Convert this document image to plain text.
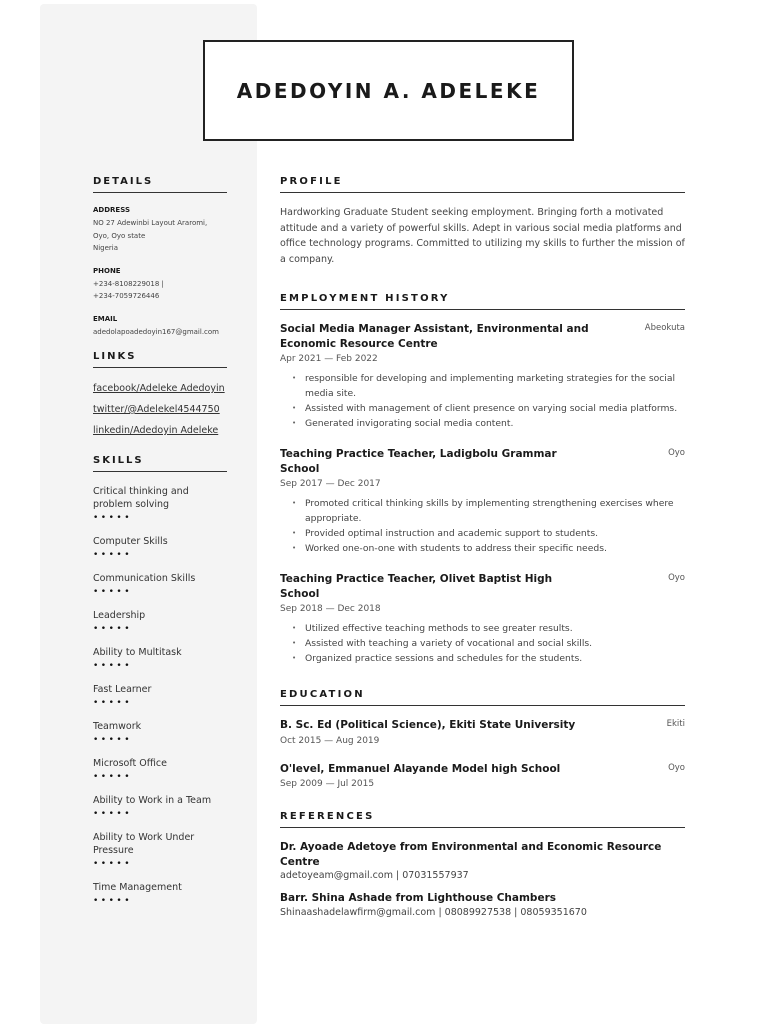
ADEDOYIN A. ADELEKE
DETAILS
ADDRESS
NO 27 Adewinbi Layout Araromi,
Oyo, Oyo state
Nigeria
PHONE
+234-8108229018 |
+234-7059726446
EMAIL
adedolapoadedoyin167@gmail.com
LINKS
facebook/Adeleke Adedoyin
twitter/@Adelekel4544750
linkedin/Adedoyin Adeleke
SKILLS
Critical thinking and problem solving
•••••
Computer Skills
•••••
Communication Skills
•••••
Leadership
•••••
Ability to Multitask
•••••
Fast Learner
•••••
Teamwork
•••••
Microsoft Office
•••••
Ability to Work in a Team
•••••
Ability to Work Under Pressure
•••••
Time Management
•••••
PROFILE

Hardworking Graduate Student seeking employment. Bringing forth a motivated attitude and a variety of powerful skills. Adept in various social media platforms and office technology programs. Committed to utilizing my skills to further the mission of a company.

EMPLOYMENT HISTORY
Social Media Manager Assistant, Environmental and Economic Resource Centre
Abeokuta
Apr 2021 — Feb 2022
• responsible for developing and implementing marketing strategies for the social media site.
• Assisted with management of client presence on varying social media platforms.
• Generated invigorating social media content.
Teaching Practice Teacher, Ladigbolu Grammar School
Oyo
Sep 2017 — Dec 2017
• Promoted critical thinking skills by implementing strengthening exercises where appropriate.
• Provided optimal instruction and academic support to students.
• Worked one-on-one with students to address their specific needs.
Teaching Practice Teacher, Olivet Baptist High School
Oyo
Sep 2018 — Dec 2018
• Utilized effective teaching methods to see greater results.
• Assisted with teaching a variety of vocational and social skills.
• Organized practice sessions and schedules for the students.
EDUCATION
B. Sc. Ed (Political Science), Ekiti State University	Ekiti
Oct 2015 — Aug 2019
O'level, Emmanuel Alayande Model high School	Oyo
Sep 2009 — Jul 2015
REFERENCES
Dr. Ayoade Adetoye from Environmental and Economic Resource Centre
adetoyeam@gmail.com | 07031557937
Barr. Shina Ashade from Lighthouse Chambers
Shinaashadelawfirm@gmail.com | 08089927538 | 08059351670
